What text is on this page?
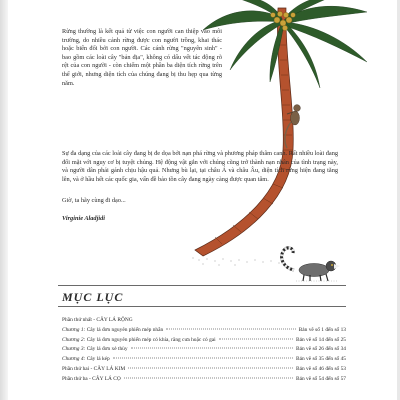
Rừng thường là kết quả từ việc con người can thiệp vào môi trường, do nhiều cảnh rừng được con người trồng, khai thác hoặc biến đổi bởi con người. Các cánh rừng "nguyên sinh" - bao gồm các loài cây "bản địa", không có dấu vết tác động rõ rệt của con người - còn chiếm một phần ba diện tích rừng trên thế giới, nhưng diện tích của chúng đang bị thu hẹp qua từng năm.

Sự đa dạng của các loài cây đang bị đe dọa bởi nạn phá rừng và phương pháp thâm canh. Rất nhiều loài đang đối mặt với nguy cơ bị tuyệt chủng. Hệ động vật gắn với chúng cũng trở thành nạn nhân của tình trạng này, và người dân phải gánh chịu hậu quả. Nhưng bù lại, tại châu Á và châu Âu, diện tích rừng hiện đang tăng lên, và ở hầu hết các quốc gia, vấn đề bảo tồn cây đang ngày càng được quan tâm.

Giờ, ta hãy cùng đi dạo...

Virginie Aladjidi

MỤC LỤC
Phần thứ nhất - CÂY LÁ RỘNG
Chương 1: Cây lá đơn nguyên phiến mép nhẵn	Bản vẽ số 1 đến số 13
Chương 2: Cây lá đơn nguyên phiến mép có khía, răng cưa hoặc có gai	Bản vẽ số 14 đến số 25
Chương 3: Cây lá đơn xẻ thùy	Bản vẽ số 26 đến số 34
Chương 4: Cây lá kép	Bản vẽ số 35 đến số 45
Phần thứ hai - CÂY LÁ KIM	Bản vẽ số 46 đến số 53
Phần thứ ba - CÂY LÁ CỌ	Bản vẽ số 54 đến số 57
